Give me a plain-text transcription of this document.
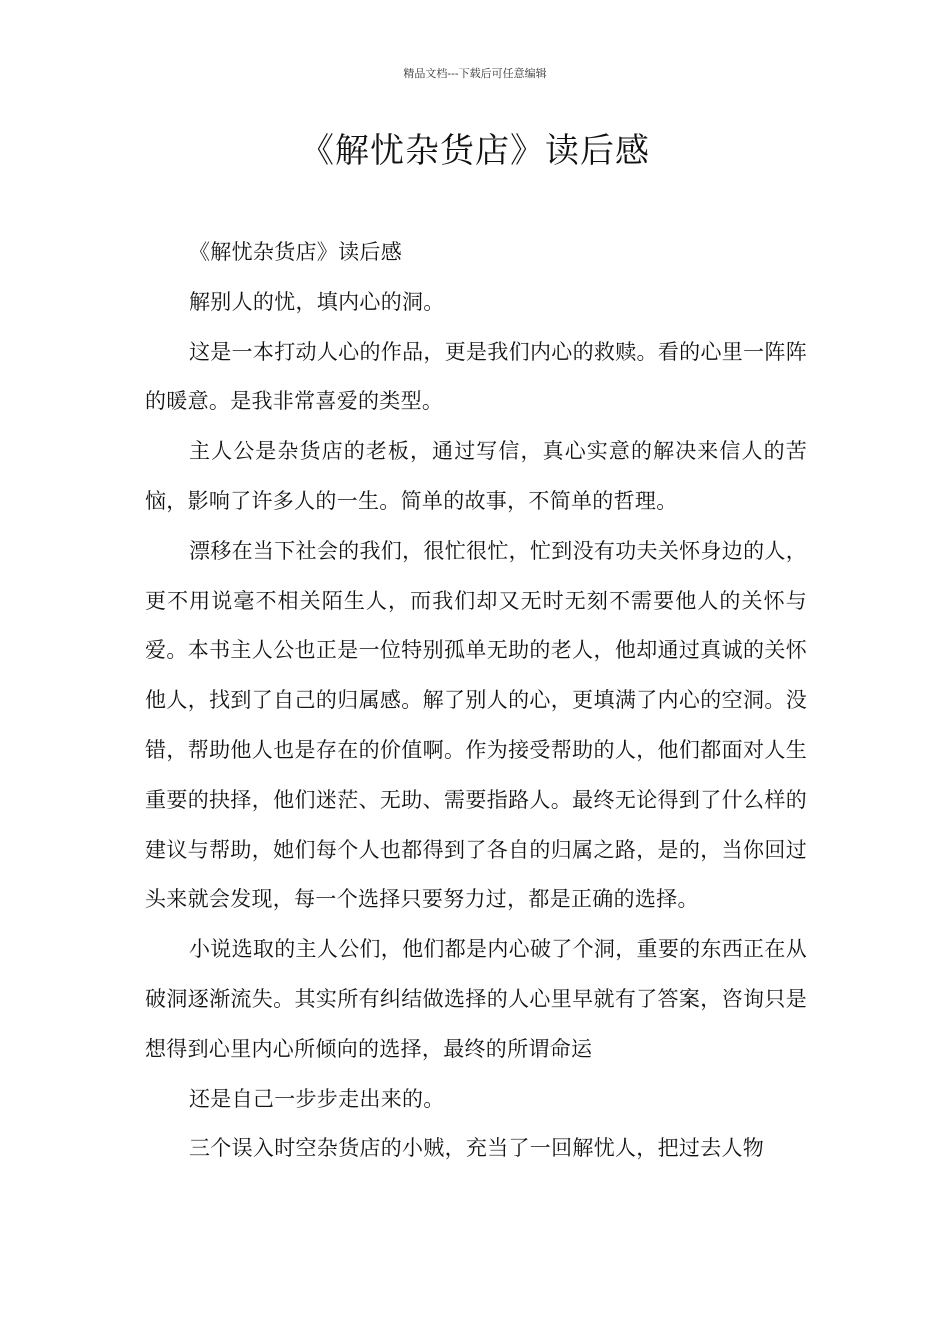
精品文档---下载后可任意编辑
《解忧杂货店》读后感

《解忧杂货店》读后感

解别人的忧，填内心的洞。

这是一本打动人心的作品，更是我们内心的救赎。看的心里一阵阵的暖意。是我非常喜爱的类型。

主人公是杂货店的老板，通过写信，真心实意的解决来信人的苦恼，影响了许多人的一生。简单的故事，不简单的哲理。

漂移在当下社会的我们，很忙很忙，忙到没有功夫关怀身边的人，更不用说毫不相关陌生人，而我们却又无时无刻不需要他人的关怀与爱。本书主人公也正是一位特别孤单无助的老人，他却通过真诚的关怀他人，找到了自己的归属感。解了别人的心，更填满了内心的空洞。没错，帮助他人也是存在的价值啊。作为接受帮助的人，他们都面对人生重要的抉择，他们迷茫、无助、需要指路人。最终无论得到了什么样的建议与帮助，她们每个人也都得到了各自的归属之路，是的，当你回过头来就会发现，每一个选择只要努力过，都是正确的选择。

小说选取的主人公们，他们都是内心破了个洞，重要的东西正在从破洞逐渐流失。其实所有纠结做选择的人心里早就有了答案，咨询只是想得到心里内心所倾向的选择，最终的所谓命运

还是自己一步步走出来的。

三个误入时空杂货店的小贼，充当了一回解忧人，把过去人物
